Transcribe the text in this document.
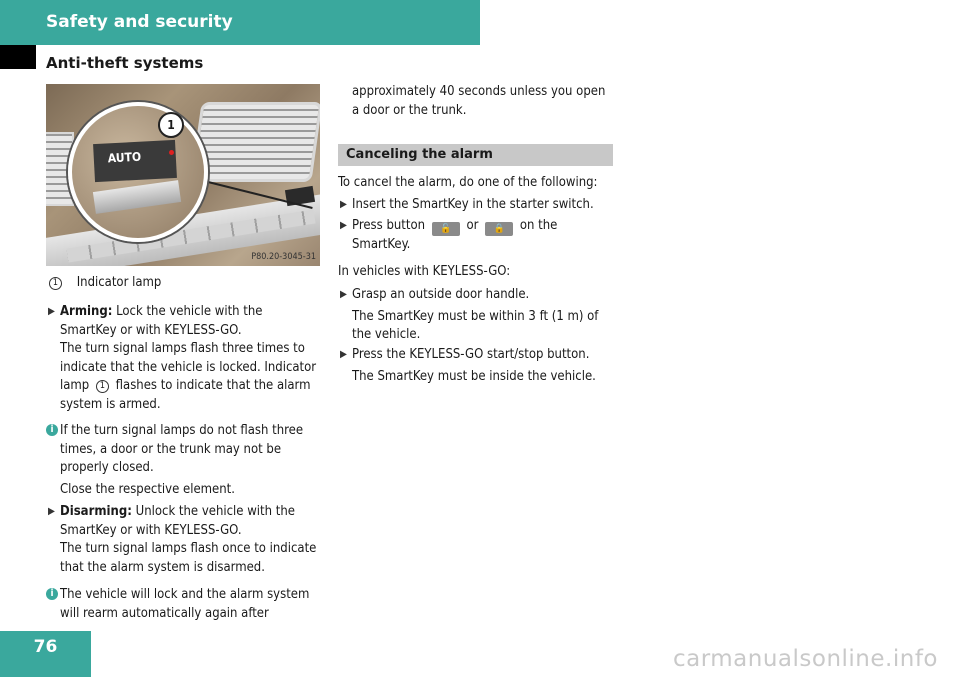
Safety and security
Anti-theft systems
AUTO
1
P80.20-3045-31
1 Indicator lamp
▶ Arming: Lock the vehicle with the SmartKey or with KEYLESS-GO.
The turn signal lamps flash three times to indicate that the vehicle is locked. Indicator lamp 1 flashes to indicate that the alarm system is armed.
i If the turn signal lamps do not flash three times, a door or the trunk may not be properly closed.
Close the respective element.
▶ Disarming: Unlock the vehicle with the SmartKey or with KEYLESS-GO.
The turn signal lamps flash once to indicate that the alarm system is disarmed.
i The vehicle will lock and the alarm system will rearm automatically again after
approximately 40 seconds unless you open a door or the trunk.
Canceling the alarm
To cancel the alarm, do one of the following:
▶ Insert the SmartKey in the starter switch.
▶ Press button 🔓 or 🔒 on the SmartKey.
In vehicles with KEYLESS-GO:
▶ Grasp an outside door handle.
The SmartKey must be within 3 ft (1 m) of the vehicle.
▶ Press the KEYLESS-GO start/stop button.
The SmartKey must be inside the vehicle.
76	carmanualsonline.info
